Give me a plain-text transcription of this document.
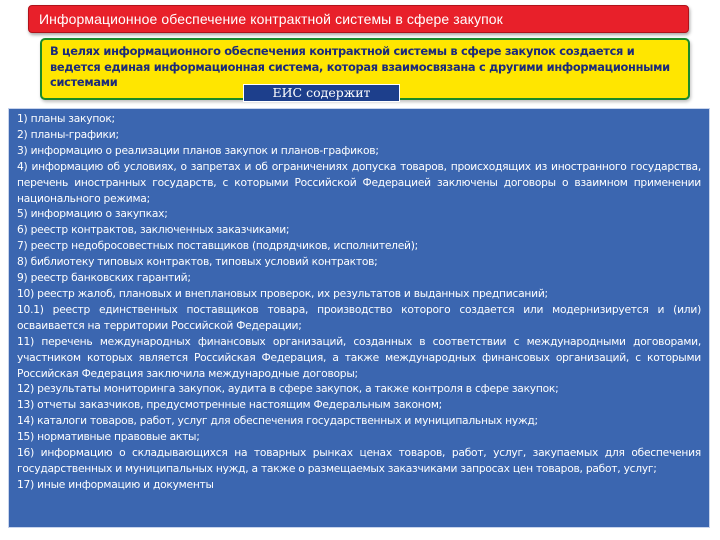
Информационное обеспечение контрактной системы в сфере закупок
В целях информационного обеспечения контрактной системы в сфере закупок создается и ведется единая информационная система, которая взаимосвязана с другими информационными системами

1) планы закупок;

2) планы-графики;

3) информацию о реализации планов закупок и планов-графиков;

4) информацию об условиях, о запретах и об ограничениях допуска товаров, происходящих из иностранного государства, перечень иностранных государств, с которыми Российской Федерацией заключены договоры о взаимном применении национального режима;

5) информацию о закупках;

6) реестр контрактов, заключенных заказчиками;

7) реестр недобросовестных поставщиков (подрядчиков, исполнителей);

8) библиотеку типовых контрактов, типовых условий контрактов;

9) реестр банковских гарантий;

10) реестр жалоб, плановых и внеплановых проверок, их результатов и выданных предписаний;

10.1) реестр единственных поставщиков товара, производство которого создается или модернизируется и (или) осваивается на территории Российской Федерации;

11) перечень международных финансовых организаций, созданных в соответствии с международными договорами, участником которых является Российская Федерация, а также международных финансовых организаций, с которыми Российская Федерация заключила международные договоры;

12) результаты мониторинга закупок, аудита в сфере закупок, а также контроля в сфере закупок;

13) отчеты заказчиков, предусмотренные настоящим Федеральным законом;

14) каталоги товаров, работ, услуг для обеспечения государственных и муниципальных нужд;

15) нормативные правовые акты;

16) информацию о складывающихся на товарных рынках ценах товаров, работ, услуг, закупаемых для обеспечения государственных и муниципальных нужд, а также о размещаемых заказчиками запросах цен товаров, работ, услуг;

17) иные информацию и документы

ЕИС содержит
